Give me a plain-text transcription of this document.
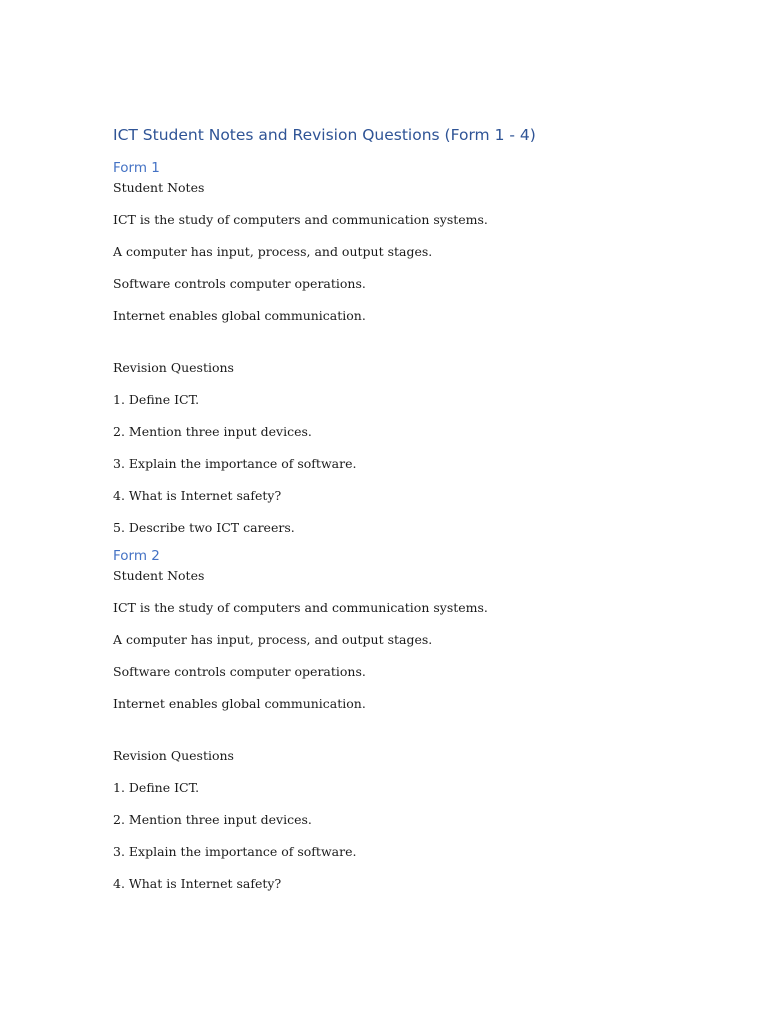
ICT Student Notes and Revision Questions (Form 1 - 4)
Form 1

Student Notes

ICT is the study of computers and communication systems.

A computer has input, process, and output stages.

Software controls computer operations.

Internet enables global communication.

Revision Questions

1. Define ICT.

2. Mention three input devices.

3. Explain the importance of software.

4. What is Internet safety?

5. Describe two ICT careers.

Form 2

Student Notes

ICT is the study of computers and communication systems.

A computer has input, process, and output stages.

Software controls computer operations.

Internet enables global communication.

Revision Questions

1. Define ICT.

2. Mention three input devices.

3. Explain the importance of software.

4. What is Internet safety?
